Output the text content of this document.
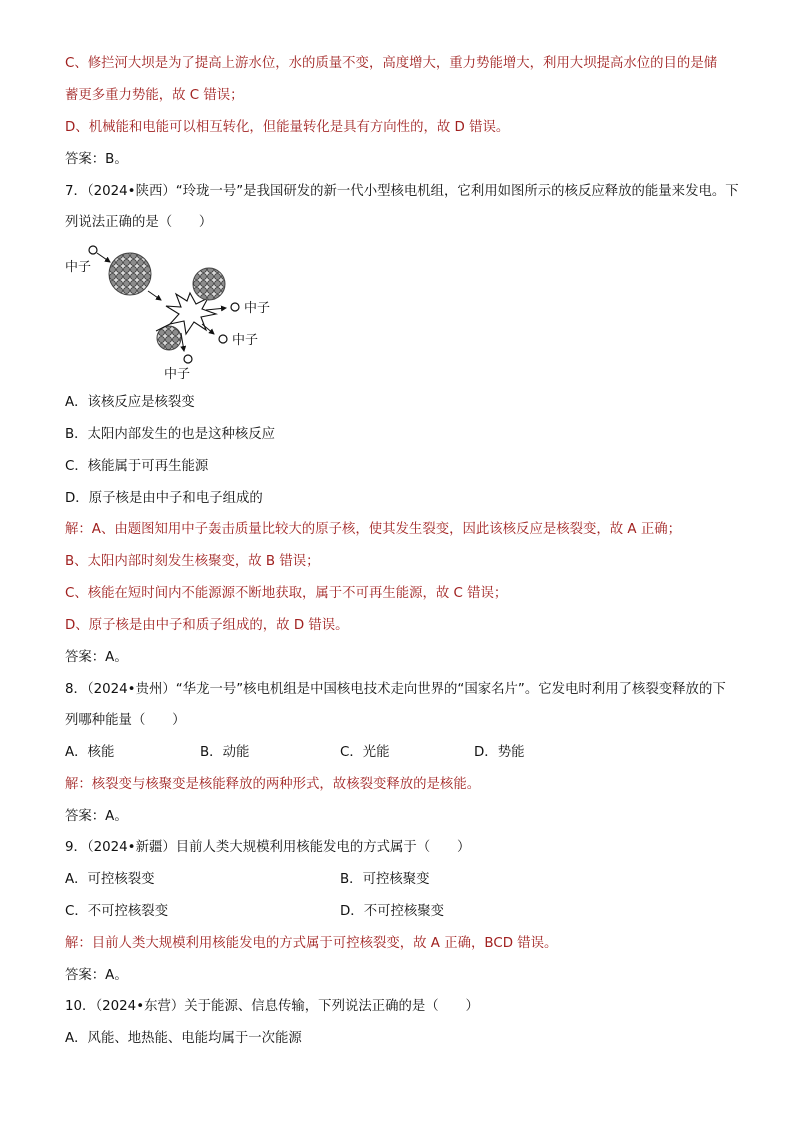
C、修拦河大坝是为了提高上游水位，水的质量不变，高度增大，重力势能增大，利用大坝提高水位的目的是储
蓄更多重力势能，故 C 错误；
D、机械能和电能可以相互转化，但能量转化是具有方向性的，故 D 错误。
答案：B。
7．（2024•陕西）“玲珑一号”是我国研发的新一代小型核电机组，它利用如图所示的核反应释放的能量来发电。下
列说法正确的是（　　）
中子
中子
中子
中子
A．该核反应是核裂变
B．太阳内部发生的也是这种核反应
C．核能属于可再生能源
D．原子核是由中子和电子组成的
解：A、由题图知用中子轰击质量比较大的原子核，使其发生裂变，因此该核反应是核裂变，故 A 正确；
B、太阳内部时刻发生核聚变，故 B 错误；
C、核能在短时间内不能源源不断地获取，属于不可再生能源，故 C 错误；
D、原子核是由中子和质子组成的，故 D 错误。
答案：A。
8．（2024•贵州）“华龙一号”核电机组是中国核电技术走向世界的“国家名片”。它发电时利用了核裂变释放的下
列哪种能量（　　）
A．核能	B．动能	C．光能	D．势能
解：核裂变与核聚变是核能释放的两种形式，故核裂变释放的是核能。
答案：A。
9．（2024•新疆）目前人类大规模利用核能发电的方式属于（　　）
A．可控核裂变	B．可控核聚变
C．不可控核裂变	D．不可控核聚变
解：目前人类大规模利用核能发电的方式属于可控核裂变，故 A 正确，BCD 错误。
答案：A。
10．（2024•东营）关于能源、信息传输，下列说法正确的是（　　）
A．风能、地热能、电能均属于一次能源
